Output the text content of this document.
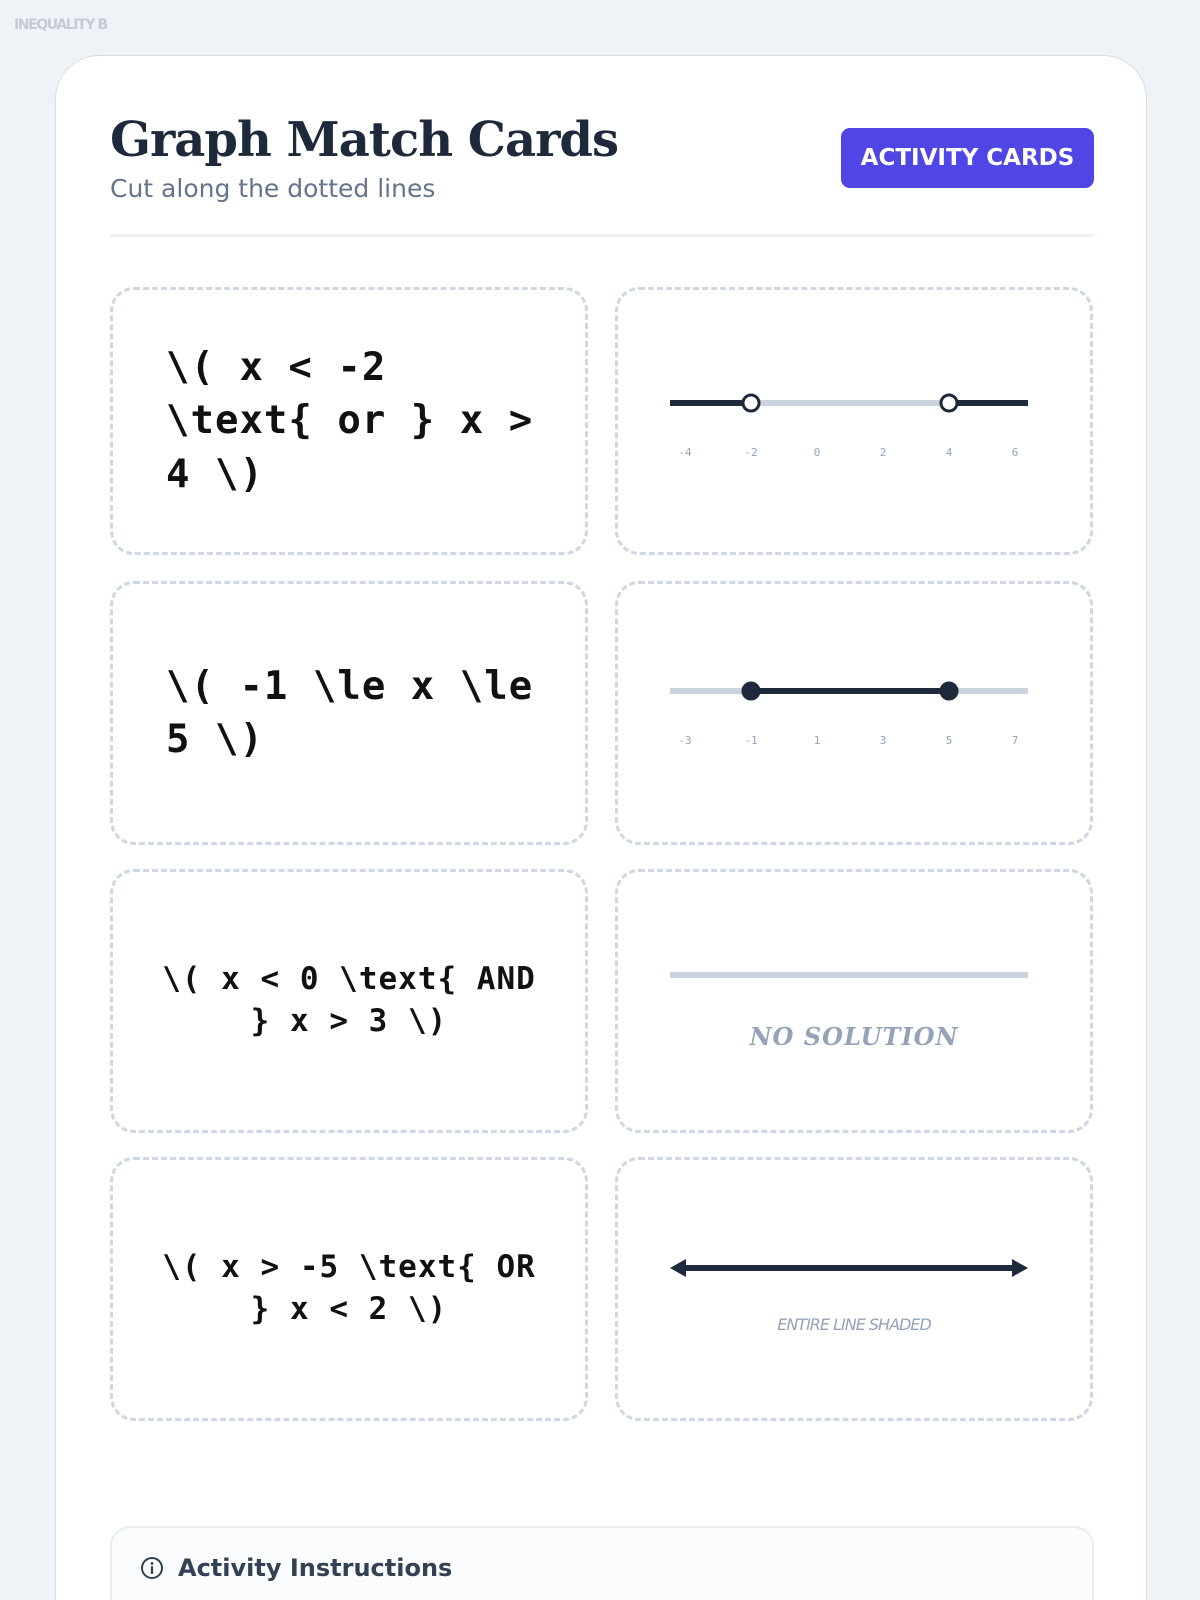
INEQUALITY B
Graph Match Cards
Cut along the dotted lines
ACTIVITY CARDS
\( x < -2 \text{ or } x > 4 \)	-4	-2	0	2	4	6
\( -1 \le x \le 5 \)	-3	-1	1	3	5	7
\( x < 0 \text{ AND } x > 3 \)	NO SOLUTION
\( x > -5 \text{ OR } x < 2 \)	ENTIRE LINE SHADED
Activity Instructions
